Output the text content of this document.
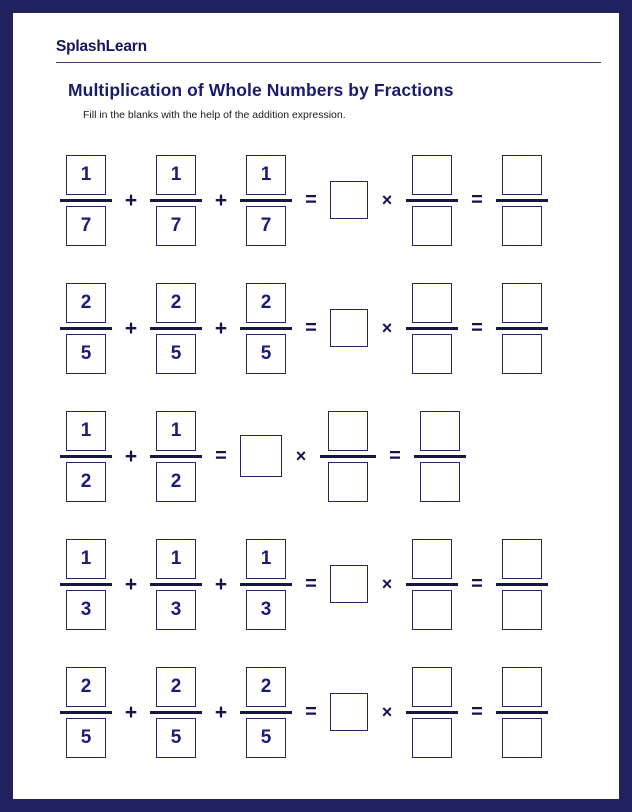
SplashLearn
Multiplication of Whole Numbers by Fractions
Fill in the blanks with the help of the addition expression.
$\frac{1}{7} + \frac{1}{7} + \frac{1}{7}$ =	×	=
$\frac{2}{5} + \frac{2}{5} + \frac{2}{5}$ =	×	=
$\frac{1}{2} + \frac{1}{2}$ =	×	=
$\frac{1}{3} + \frac{1}{3} + \frac{1}{3}$ =	×	=
$\frac{2}{5} + \frac{2}{5} + \frac{2}{5}$ =	×	=
